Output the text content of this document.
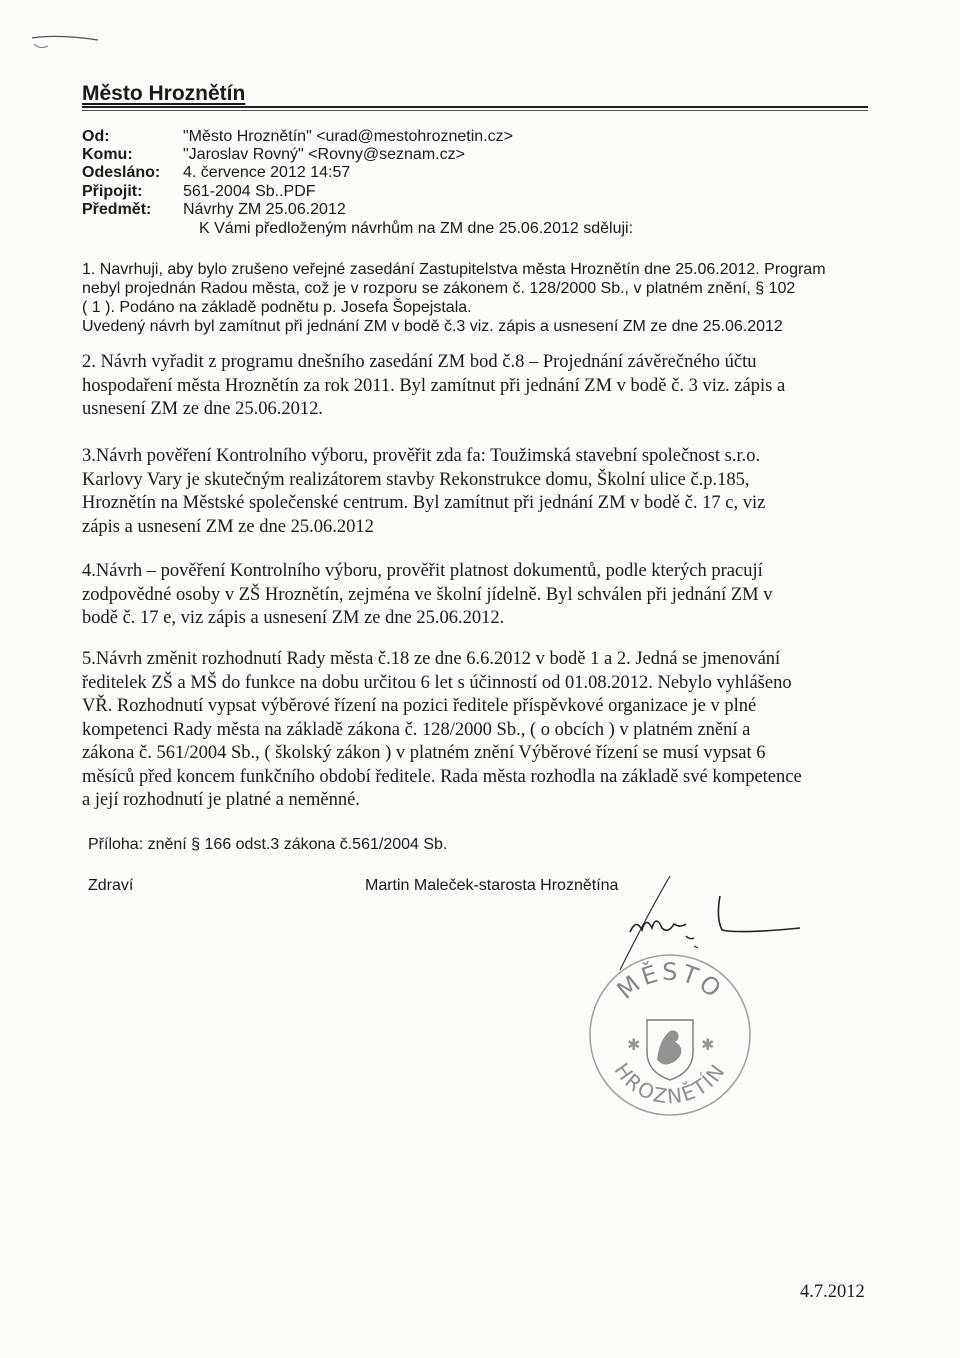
Město Hroznětín
Od:	"Město Hroznětín" <urad@mestohroznetin.cz>
Komu:	"Jaroslav Rovný" <Rovny@seznam.cz>
Odesláno: 4. července 2012 14:57
Připojit:	561-2004 Sb..PDF
Předmět: Návrhy ZM 25.06.2012
K Vámi předloženým návrhům na ZM dne 25.06.2012 sděluji:
1. Navrhuji, aby bylo zrušeno veřejné zasedání Zastupitelstva města Hroznětín dne 25.06.2012. Program
nebyl projednán Radou města, což je v rozporu se zákonem č. 128/2000 Sb., v platném znění, § 102
( 1 ). Podáno na základě podnětu p. Josefa Šopejstala.
Uvedený návrh byl zamítnut při jednání ZM v bodě č.3 viz. zápis a usnesení ZM ze dne 25.06.2012
2. Návrh vyřadit z programu dnešního zasedání ZM bod č.8 – Projednání závěrečného účtu
hospodaření města Hroznětín za rok 2011. Byl zamítnut při jednání ZM v bodě č. 3 viz. zápis a
usnesení ZM ze dne 25.06.2012.
3.Návrh pověření Kontrolního výboru, prověřit zda fa: Toužimská stavební společnost s.r.o.
Karlovy Vary je skutečným realizátorem stavby Rekonstrukce domu, Školní ulice č.p.185,
Hroznětín na Městské společenské centrum. Byl zamítnut při jednání ZM v bodě č. 17 c, viz
zápis a usnesení ZM ze dne 25.06.2012
4.Návrh – pověření Kontrolního výboru, prověřit platnost dokumentů, podle kterých pracují
zodpovědné osoby v ZŠ Hroznětín, zejména ve školní jídelně. Byl schválen při jednání ZM v
bodě č. 17 e, viz zápis a usnesení ZM ze dne 25.06.2012.
5.Návrh změnit rozhodnutí Rady města č.18 ze dne 6.6.2012 v bodě 1 a 2. Jedná se jmenování
ředitelek ZŠ a MŠ do funkce na dobu určitou 6 let s účinností od 01.08.2012. Nebylo vyhlášeno
VŘ. Rozhodnutí vypsat výběrové řízení na pozici ředitele příspěvkové organizace je v plné
kompetenci Rady města na základě zákona č. 128/2000 Sb., ( o obcích ) v platném znění a
zákona č. 561/2004 Sb., ( školský zákon ) v platném znění Výběrové řízení se musí vypsat 6
měsíců před koncem funkčního období ředitele. Rada města rozhodla na základě své kompetence
a její rozhodnutí je platné a neměnné.
Příloha: znění § 166 odst.3 zákona č.561/2004 Sb.
Zdraví	Martin Maleček-starosta Hroznětína
MĚSTO
HROZNĚTÍN
✱	✱
4.7.2012
